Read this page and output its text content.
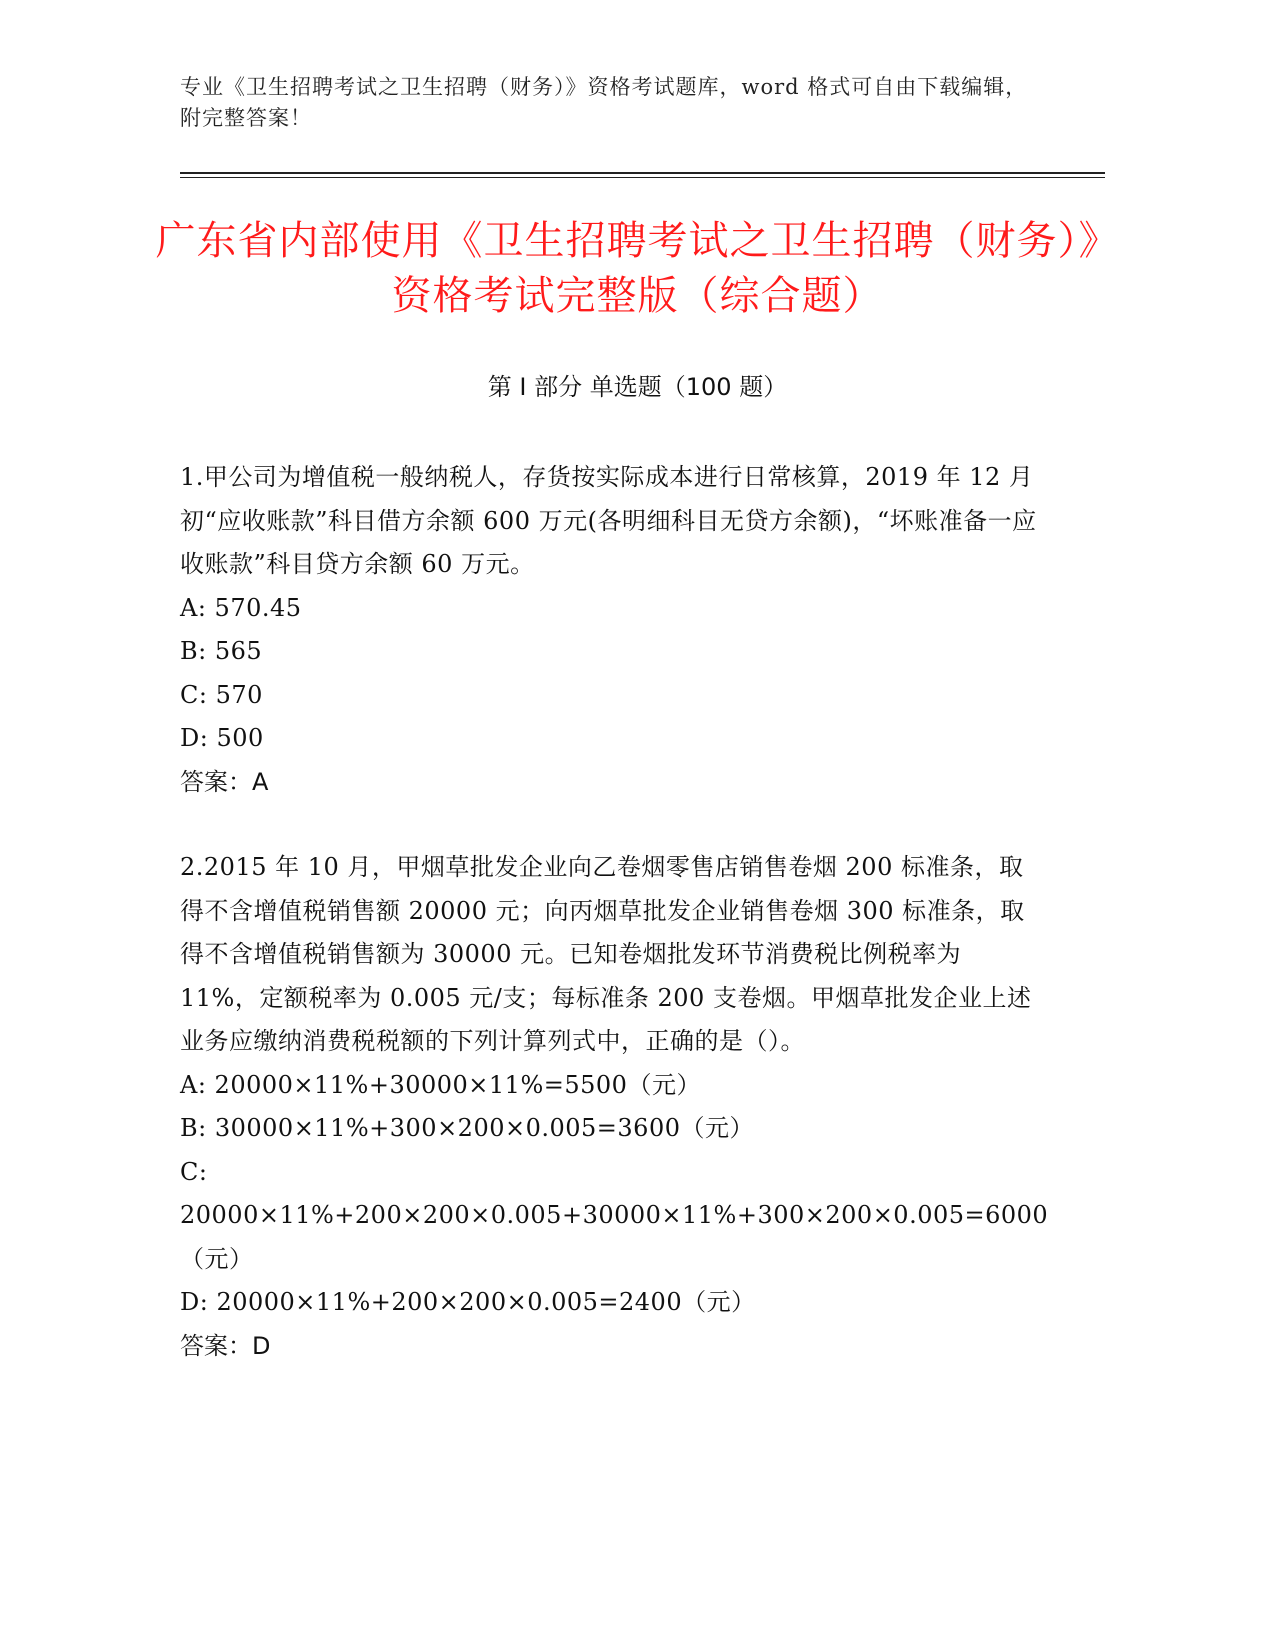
专业《卫生招聘考试之卫生招聘（财务）》资格考试题库，word 格式可自由下载编辑，附完整答案！
广东省内部使用《卫生招聘考试之卫生招聘（财务）》资格考试完整版（综合题）
第 I 部分 单选题（100 题）

1.甲公司为增值税一般纳税人，存货按实际成本进行日常核算，2019 年 12 月初“应收账款”科目借方余额 600 万元(各明细科目无贷方余额)，“坏账准备一应收账款”科目贷方余额 60 万元。

A: 570.45

B: 565

C: 570

D: 500

答案：A

2.2015 年 10 月，甲烟草批发企业向乙卷烟零售店销售卷烟 200 标准条，取得不含增值税销售额 20000 元；向丙烟草批发企业销售卷烟 300 标准条，取得不含增值税销售额为 30000 元。已知卷烟批发环节消费税比例税率为 11%，定额税率为 0.005 元/支；每标准条 200 支卷烟。甲烟草批发企业上述业务应缴纳消费税税额的下列计算列式中，正确的是（）。

A: 20000×11%+30000×11%=5500（元）

B: 30000×11%+300×200×0.005=3600（元）

C: 20000×11%+200×200×0.005+30000×11%+300×200×0.005=6000（元）

D: 20000×11%+200×200×0.005=2400（元）

答案：D
